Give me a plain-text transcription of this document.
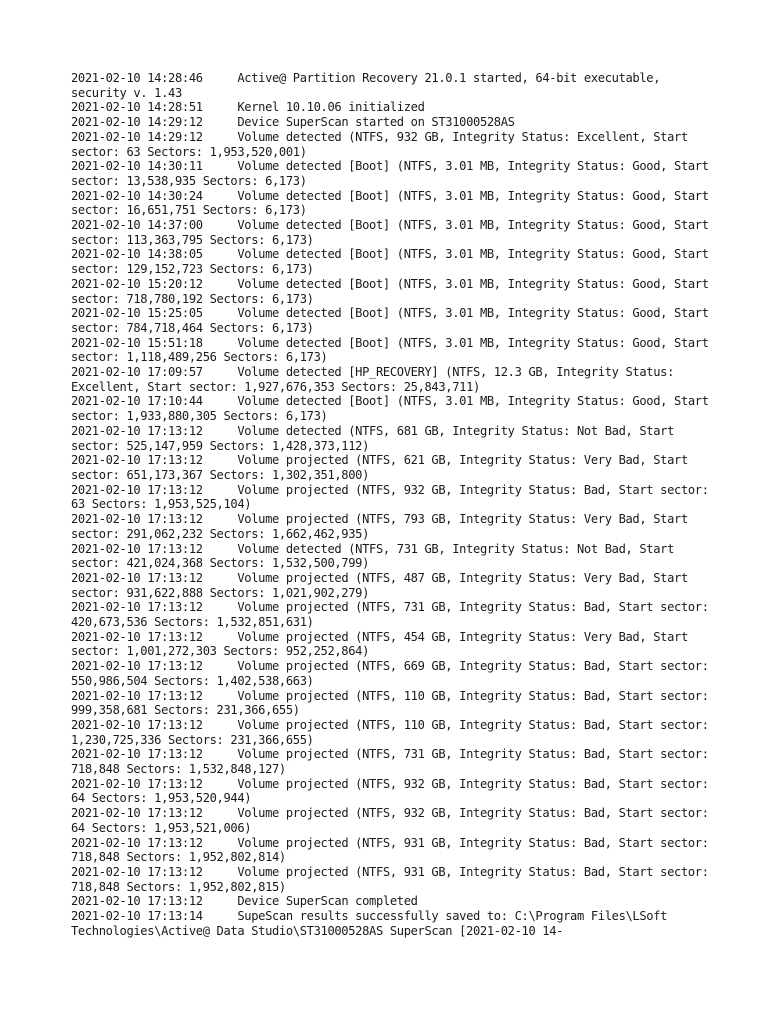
2021-02-10 14:28:46	Active@ Partition Recovery 21.0.1 started, 64-bit executable, security v. 1.43

2021-02-10 14:28:51	Kernel 10.10.06 initialized

2021-02-10 14:29:12	Device SuperScan started on ST31000528AS

2021-02-10 14:29:12	Volume detected (NTFS, 932 GB, Integrity Status: Excellent, Start sector: 63 Sectors: 1,953,520,001)

2021-02-10 14:30:11	Volume detected [Boot] (NTFS, 3.01 MB, Integrity Status: Good, Start sector: 13,538,935 Sectors: 6,173)

2021-02-10 14:30:24	Volume detected [Boot] (NTFS, 3.01 MB, Integrity Status: Good, Start sector: 16,651,751 Sectors: 6,173)

2021-02-10 14:37:00	Volume detected [Boot] (NTFS, 3.01 MB, Integrity Status: Good, Start sector: 113,363,795 Sectors: 6,173)

2021-02-10 14:38:05	Volume detected [Boot] (NTFS, 3.01 MB, Integrity Status: Good, Start sector: 129,152,723 Sectors: 6,173)

2021-02-10 15:20:12	Volume detected [Boot] (NTFS, 3.01 MB, Integrity Status: Good, Start sector: 718,780,192 Sectors: 6,173)

2021-02-10 15:25:05	Volume detected [Boot] (NTFS, 3.01 MB, Integrity Status: Good, Start sector: 784,718,464 Sectors: 6,173)

2021-02-10 15:51:18	Volume detected [Boot] (NTFS, 3.01 MB, Integrity Status: Good, Start sector: 1,118,489,256 Sectors: 6,173)

2021-02-10 17:09:57	Volume detected [HP_RECOVERY] (NTFS, 12.3 GB, Integrity Status: Excellent, Start sector: 1,927,676,353 Sectors: 25,843,711)

2021-02-10 17:10:44	Volume detected [Boot] (NTFS, 3.01 MB, Integrity Status: Good, Start sector: 1,933,880,305 Sectors: 6,173)

2021-02-10 17:13:12	Volume detected (NTFS, 681 GB, Integrity Status: Not Bad, Start sector: 525,147,959 Sectors: 1,428,373,112)

2021-02-10 17:13:12	Volume projected (NTFS, 621 GB, Integrity Status: Very Bad, Start sector: 651,173,367 Sectors: 1,302,351,800)

2021-02-10 17:13:12	Volume projected (NTFS, 932 GB, Integrity Status: Bad, Start sector: 63 Sectors: 1,953,525,104)

2021-02-10 17:13:12	Volume projected (NTFS, 793 GB, Integrity Status: Very Bad, Start sector: 291,062,232 Sectors: 1,662,462,935)

2021-02-10 17:13:12	Volume detected (NTFS, 731 GB, Integrity Status: Not Bad, Start sector: 421,024,368 Sectors: 1,532,500,799)

2021-02-10 17:13:12	Volume projected (NTFS, 487 GB, Integrity Status: Very Bad, Start sector: 931,622,888 Sectors: 1,021,902,279)

2021-02-10 17:13:12	Volume projected (NTFS, 731 GB, Integrity Status: Bad, Start sector: 420,673,536 Sectors: 1,532,851,631)

2021-02-10 17:13:12	Volume projected (NTFS, 454 GB, Integrity Status: Very Bad, Start sector: 1,001,272,303 Sectors: 952,252,864)

2021-02-10 17:13:12	Volume projected (NTFS, 669 GB, Integrity Status: Bad, Start sector: 550,986,504 Sectors: 1,402,538,663)

2021-02-10 17:13:12	Volume projected (NTFS, 110 GB, Integrity Status: Bad, Start sector: 999,358,681 Sectors: 231,366,655)

2021-02-10 17:13:12	Volume projected (NTFS, 110 GB, Integrity Status: Bad, Start sector: 1,230,725,336 Sectors: 231,366,655)

2021-02-10 17:13:12	Volume projected (NTFS, 731 GB, Integrity Status: Bad, Start sector: 718,848 Sectors: 1,532,848,127)

2021-02-10 17:13:12	Volume projected (NTFS, 932 GB, Integrity Status: Bad, Start sector: 64 Sectors: 1,953,520,944)

2021-02-10 17:13:12	Volume projected (NTFS, 932 GB, Integrity Status: Bad, Start sector: 64 Sectors: 1,953,521,006)

2021-02-10 17:13:12	Volume projected (NTFS, 931 GB, Integrity Status: Bad, Start sector: 718,848 Sectors: 1,952,802,814)

2021-02-10 17:13:12	Volume projected (NTFS, 931 GB, Integrity Status: Bad, Start sector: 718,848 Sectors: 1,952,802,815)

2021-02-10 17:13:12	Device SuperScan completed

2021-02-10 17:13:14	SupeScan results successfully saved to: C:\Program Files\LSoft Technologies\Active@ Data Studio\ST31000528AS SuperScan [2021-02-10 14-
